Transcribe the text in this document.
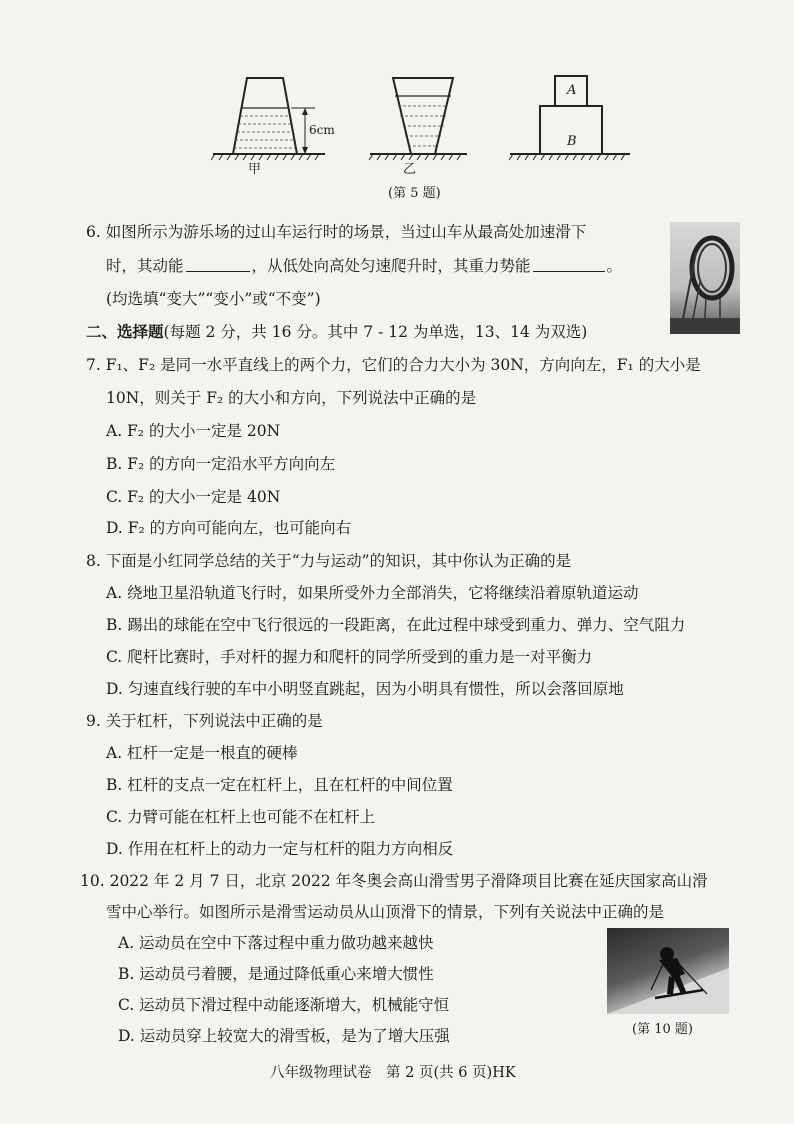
6cm
甲	乙
A
B
(第 5 题)
6. 如图所示为游乐场的过山车运行时的场景，当过山车从最高处加速滑下
时，其动能	，从低处向高处匀速爬升时，其重力势能	。
(均选填“变大”“变小”或“不变”)
二、选择题(每题 2 分，共 16 分。其中 7 - 12 为单选，13、14 为双选)
7. F₁、F₂ 是同一水平直线上的两个力，它们的合力大小为 30N，方向向左，F₁ 的大小是
10N，则关于 F₂ 的大小和方向，下列说法中正确的是
A. F₂ 的大小一定是 20N
B. F₂ 的方向一定沿水平方向向左
C. F₂ 的大小一定是 40N
D. F₂ 的方向可能向左，也可能向右
8. 下面是小红同学总结的关于“力与运动”的知识，其中你认为正确的是
A. 绕地卫星沿轨道飞行时，如果所受外力全部消失，它将继续沿着原轨道运动
B. 踢出的球能在空中飞行很远的一段距离，在此过程中球受到重力、弹力、空气阻力
C. 爬杆比赛时，手对杆的握力和爬杆的同学所受到的重力是一对平衡力
D. 匀速直线行驶的车中小明竖直跳起，因为小明具有惯性，所以会落回原地
9. 关于杠杆，下列说法中正确的是
A. 杠杆一定是一根直的硬棒
B. 杠杆的支点一定在杠杆上，且在杠杆的中间位置
C. 力臂可能在杠杆上也可能不在杠杆上
D. 作用在杠杆上的动力一定与杠杆的阻力方向相反
10. 2022 年 2 月 7 日，北京 2022 年冬奥会高山滑雪男子滑降项目比赛在延庆国家高山滑
雪中心举行。如图所示是滑雪运动员从山顶滑下的情景，下列有关说法中正确的是
A. 运动员在空中下落过程中重力做功越来越快
B. 运动员弓着腰，是通过降低重心来增大惯性
C. 运动员下滑过程中动能逐渐增大，机械能守恒
D. 运动员穿上较宽大的滑雪板，是为了增大压强	(第 10 题)
八年级物理试卷　第 2 页(共 6 页)HK
